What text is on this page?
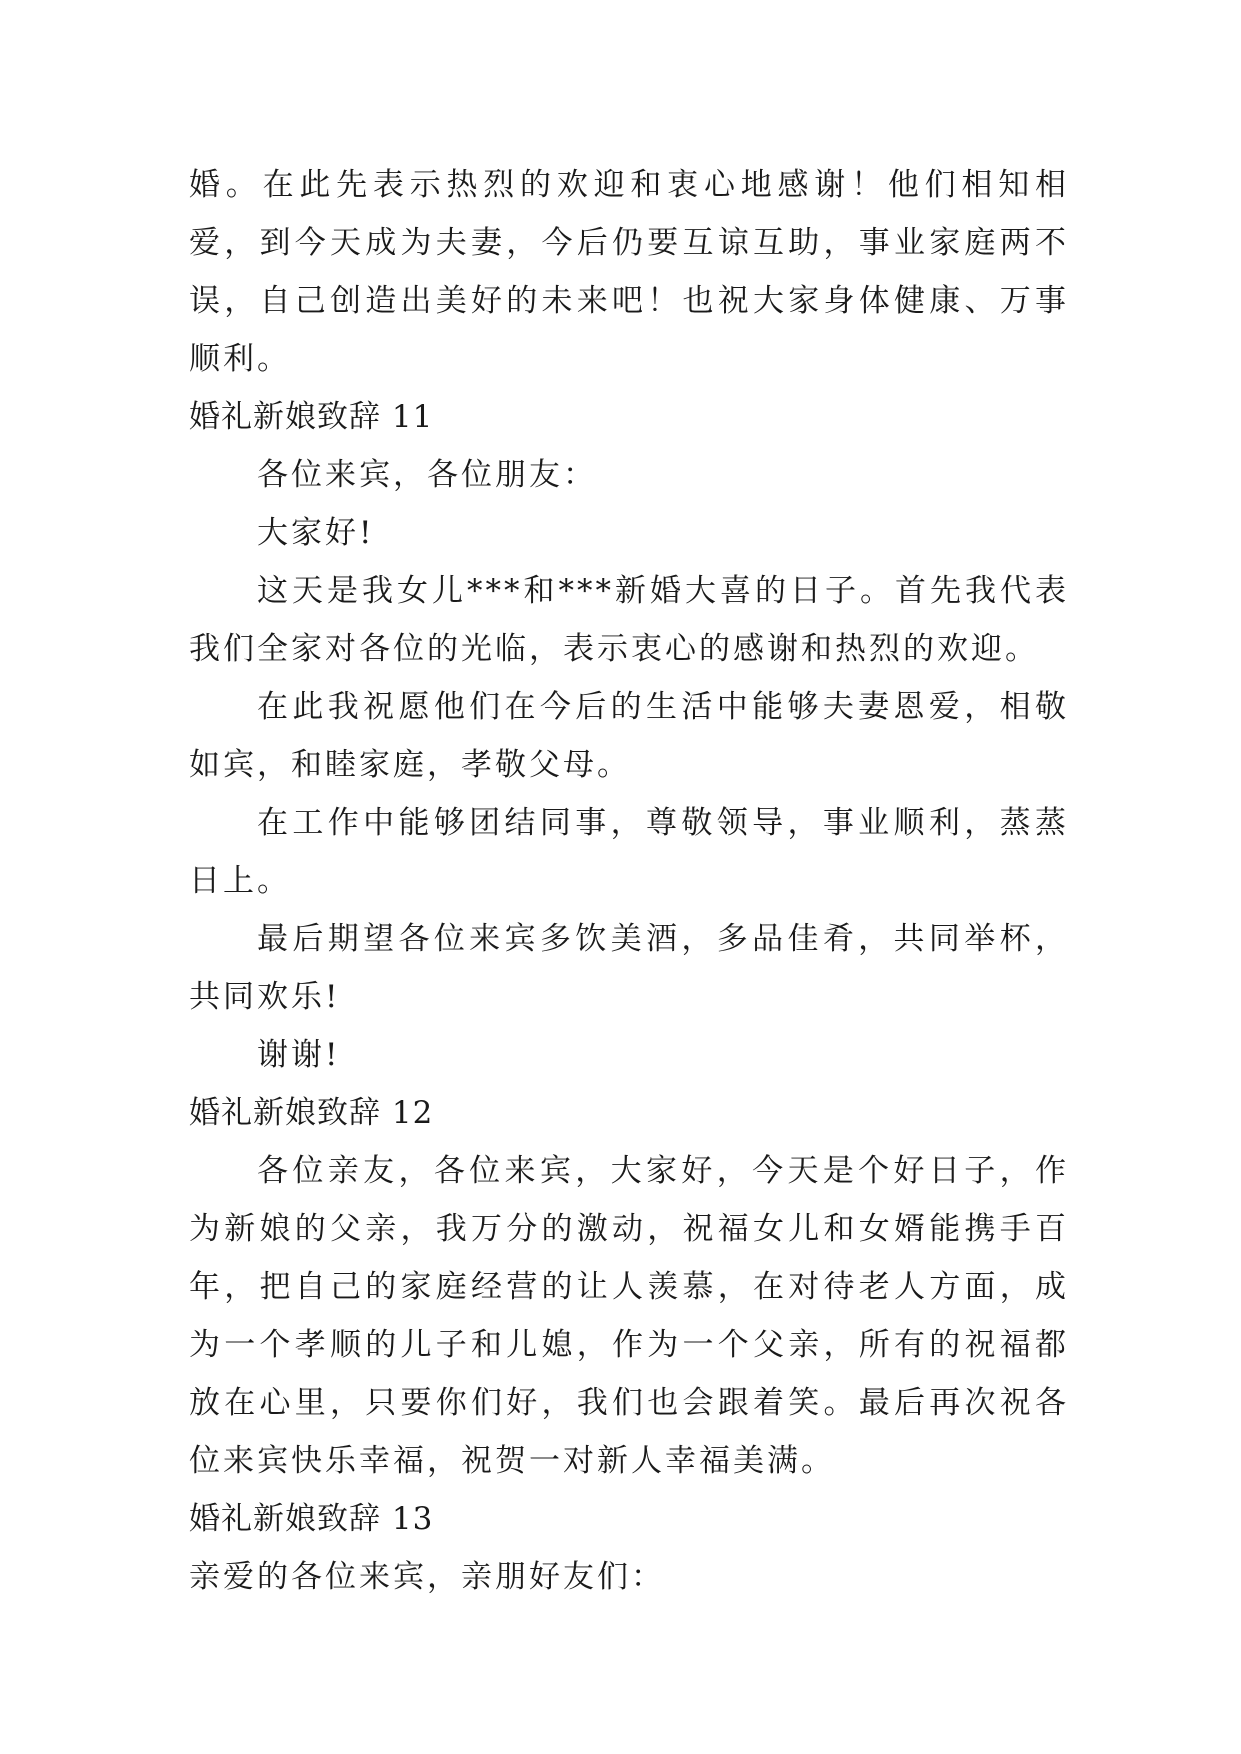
婚。在此先表示热烈的欢迎和衷心地感谢！他们相知相爱，到今天成为夫妻，今后仍要互谅互助，事业家庭两不误，自己创造出美好的未来吧！也祝大家身体健康、万事顺利。

婚礼新娘致辞 11

各位来宾，各位朋友：

大家好!

这天是我女儿***和***新婚大喜的日子。首先我代表我们全家对各位的光临，表示衷心的感谢和热烈的欢迎。

在此我祝愿他们在今后的生活中能够夫妻恩爱，相敬如宾，和睦家庭，孝敬父母。

在工作中能够团结同事，尊敬领导，事业顺利，蒸蒸日上。

最后期望各位来宾多饮美酒，多品佳肴，共同举杯，共同欢乐!

谢谢!

婚礼新娘致辞 12

各位亲友，各位来宾，大家好，今天是个好日子，作为新娘的父亲，我万分的激动，祝福女儿和女婿能携手百年，把自己的家庭经营的让人羡慕，在对待老人方面，成为一个孝顺的儿子和儿媳，作为一个父亲，所有的祝福都放在心里，只要你们好，我们也会跟着笑。最后再次祝各位来宾快乐幸福，祝贺一对新人幸福美满。

婚礼新娘致辞 13

亲爱的各位来宾，亲朋好友们：
